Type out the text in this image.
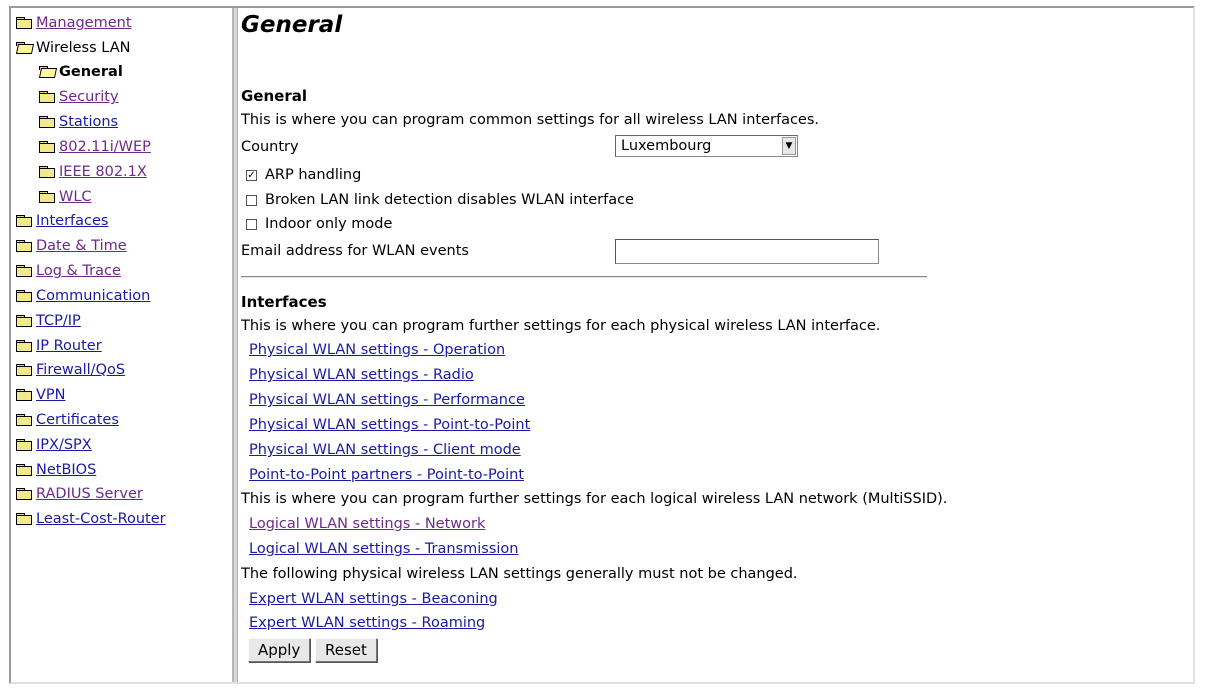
Management
Wireless LAN
General
Security
Stations
802.11i/WEP
IEEE 802.1X
WLC
Interfaces
Date & Time
Log & Trace
Communication
TCP/IP
IP Router
Firewall/QoS
VPN
Certificates
IPX/SPX
NetBIOS
RADIUS Server
Least-Cost-Router
General
General
This is where you can program common settings for all wireless LAN interfaces.
Country	Luxembourg	▼
✓ ARP handling
Broken LAN link detection disables WLAN interface
Indoor only mode
Email address for WLAN events
Interfaces
This is where you can program further settings for each physical wireless LAN interface.
Physical WLAN settings - Operation
Physical WLAN settings - Radio
Physical WLAN settings - Performance
Physical WLAN settings - Point-to-Point
Physical WLAN settings - Client mode
Point-to-Point partners - Point-to-Point
This is where you can program further settings for each logical wireless LAN network (MultiSSID).
Logical WLAN settings - Network
Logical WLAN settings - Transmission
The following physical wireless LAN settings generally must not be changed.
Expert WLAN settings - Beaconing
Expert WLAN settings - Roaming
Apply	Reset
